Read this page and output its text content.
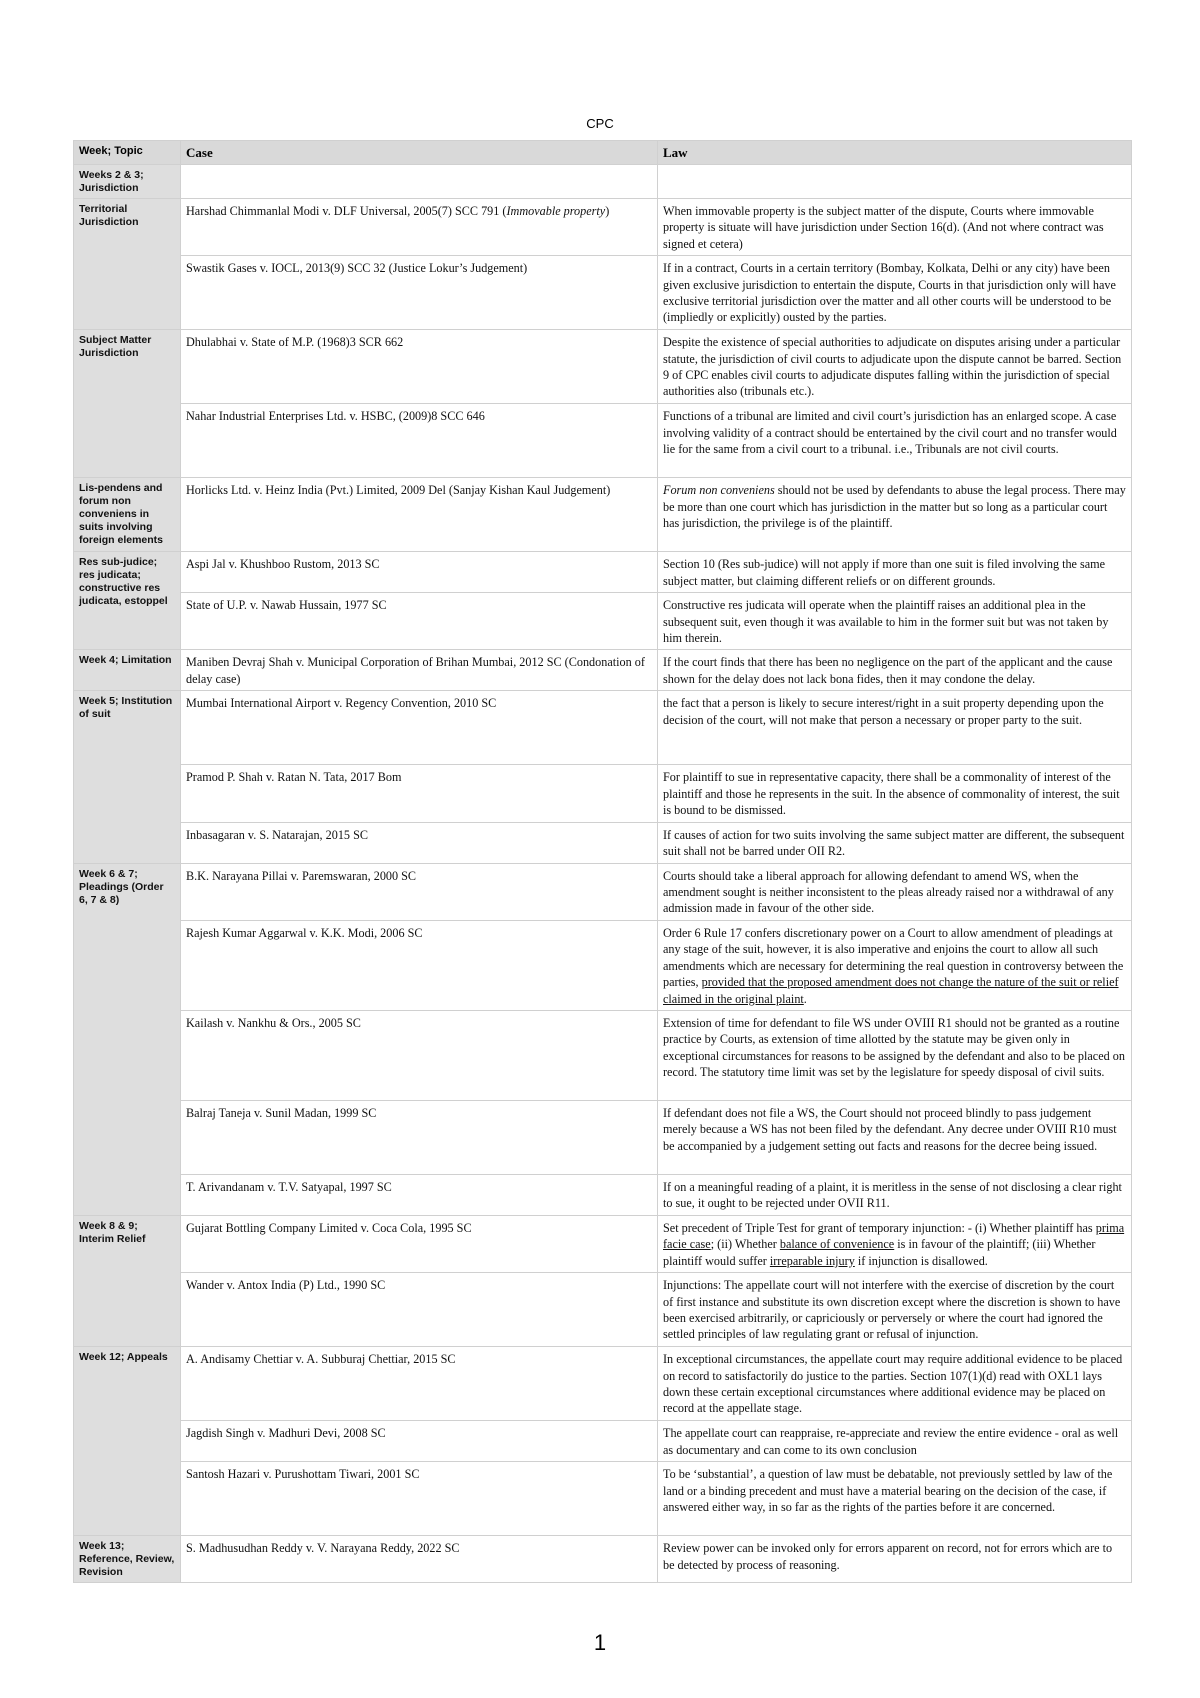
CPC
Week; Topic	Case	Law
Weeks 2 & 3; Jurisdiction		
Territorial Jurisdiction	Harshad Chimmanlal Modi v. DLF Universal, 2005(7) SCC 791 (Immovable property)	When immovable property is the subject matter of the dispute, Courts where immovable property is situate will have jurisdiction under Section 16(d). (And not where contract was signed et cetera)
	Swastik Gases v. IOCL, 2013(9) SCC 32 (Justice Lokur’s Judgement)	If in a contract, Courts in a certain territory (Bombay, Kolkata, Delhi or any city) have been given exclusive jurisdiction to entertain the dispute, Courts in that jurisdiction only will have exclusive territorial jurisdiction over the matter and all other courts will be understood to be (impliedly or explicitly) ousted by the parties.
Subject Matter Jurisdiction	Dhulabhai v. State of M.P. (1968)3 SCR 662	Despite the existence of special authorities to adjudicate on disputes arising under a particular statute, the jurisdiction of civil courts to adjudicate upon the dispute cannot be barred. Section 9 of CPC enables civil courts to adjudicate disputes falling within the jurisdiction of special authorities also (tribunals etc.).
	Nahar Industrial Enterprises Ltd. v. HSBC, (2009)8 SCC 646	Functions of a tribunal are limited and civil court’s jurisdiction has an enlarged scope. A case involving validity of a contract should be entertained by the civil court and no transfer would lie for the same from a civil court to a tribunal. i.e., Tribunals are not civil courts.
Lis-pendens and forum non conveniens in suits involving foreign elements	Horlicks Ltd. v. Heinz India (Pvt.) Limited, 2009 Del (Sanjay Kishan Kaul Judgement)	Forum non conveniens should not be used by defendants to abuse the legal process. There may be more than one court which has jurisdiction in the matter but so long as a particular court has jurisdiction, the privilege is of the plaintiff.
Res sub-judice; res judicata; constructive res judicata, estoppel	Aspi Jal v. Khushboo Rustom, 2013 SC	Section 10 (Res sub-judice) will not apply if more than one suit is filed involving the same subject matter, but claiming different reliefs or on different grounds.
	State of U.P. v. Nawab Hussain, 1977 SC	Constructive res judicata will operate when the plaintiff raises an additional plea in the subsequent suit, even though it was available to him in the former suit but was not taken by him therein.
Week 4; Limitation	Maniben Devraj Shah v. Municipal Corporation of Brihan Mumbai, 2012 SC (Condonation of delay case)	If the court finds that there has been no negligence on the part of the applicant and the cause shown for the delay does not lack bona fides, then it may condone the delay.
Week 5; Institution of suit	Mumbai International Airport v. Regency Convention, 2010 SC	the fact that a person is likely to secure interest/right in a suit property depending upon the decision of the court, will not make that person a necessary or proper party to the suit.
	Pramod P. Shah v. Ratan N. Tata, 2017 Bom	For plaintiff to sue in representative capacity, there shall be a commonality of interest of the plaintiff and those he represents in the suit. In the absence of commonality of interest, the suit is bound to be dismissed.
	Inbasagaran v. S. Natarajan, 2015 SC	If causes of action for two suits involving the same subject matter are different, the subsequent suit shall not be barred under OII R2.
Week 6 & 7; Pleadings (Order 6, 7 & 8)	B.K. Narayana Pillai v. Paremswaran, 2000 SC	Courts should take a liberal approach for allowing defendant to amend WS, when the amendment sought is neither inconsistent to the pleas already raised nor a withdrawal of any admission made in favour of the other side.
	Rajesh Kumar Aggarwal v. K.K. Modi, 2006 SC	Order 6 Rule 17 confers discretionary power on a Court to allow amendment of pleadings at any stage of the suit, however, it is also imperative and enjoins the court to allow all such amendments which are necessary for determining the real question in controversy between the parties, provided that the proposed amendment does not change the nature of the suit or relief claimed in the original plaint.
	Kailash v. Nankhu & Ors., 2005 SC	Extension of time for defendant to file WS under OVIII R1 should not be granted as a routine practice by Courts, as extension of time allotted by the statute may be given only in exceptional circumstances for reasons to be assigned by the defendant and also to be placed on record. The statutory time limit was set by the legislature for speedy disposal of civil suits.
	Balraj Taneja v. Sunil Madan, 1999 SC	If defendant does not file a WS, the Court should not proceed blindly to pass judgement merely because a WS has not been filed by the defendant. Any decree under OVIII R10 must be accompanied by a judgement setting out facts and reasons for the decree being issued.
	T. Arivandanam v. T.V. Satyapal, 1997 SC	If on a meaningful reading of a plaint, it is meritless in the sense of not disclosing a clear right to sue, it ought to be rejected under OVII R11.
Week 8 & 9; Interim Relief	Gujarat Bottling Company Limited v. Coca Cola, 1995 SC	Set precedent of Triple Test for grant of temporary injunction: - (i) Whether plaintiff has prima facie case; (ii) Whether balance of convenience is in favour of the plaintiff; (iii) Whether plaintiff would suffer irreparable injury if injunction is disallowed.
	Wander v. Antox India (P) Ltd., 1990 SC	Injunctions: The appellate court will not interfere with the exercise of discretion by the court of first instance and substitute its own discretion except where the discretion is shown to have been exercised arbitrarily, or capriciously or perversely or where the court had ignored the settled principles of law regulating grant or refusal of injunction.
Week 12; Appeals	A. Andisamy Chettiar v. A. Subburaj Chettiar, 2015 SC	In exceptional circumstances, the appellate court may require additional evidence to be placed on record to satisfactorily do justice to the parties. Section 107(1)(d) read with OXL1 lays down these certain exceptional circumstances where additional evidence may be placed on record at the appellate stage.
	Jagdish Singh v. Madhuri Devi, 2008 SC	The appellate court can reappraise, re-appreciate and review the entire evidence - oral as well as documentary and can come to its own conclusion
	Santosh Hazari v. Purushottam Tiwari, 2001 SC	To be ‘substantial’, a question of law must be debatable, not previously settled by law of the land or a binding precedent and must have a material bearing on the decision of the case, if answered either way, in so far as the rights of the parties before it are concerned.
Week 13; Reference, Review, Revision	S. Madhusudhan Reddy v. V. Narayana Reddy, 2022 SC	Review power can be invoked only for errors apparent on record, not for errors which are to be detected by process of reasoning.
1
